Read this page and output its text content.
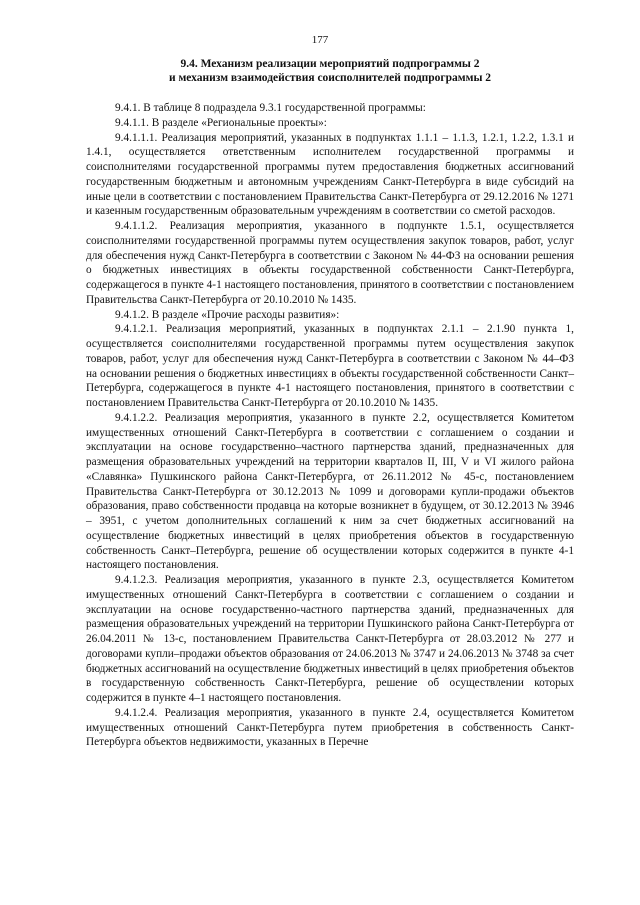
177
9.4. Механизм реализации мероприятий подпрограммы 2
и механизм взаимодействия соисполнителей подпрограммы 2

9.4.1. В таблице 8 подраздела 9.3.1 государственной программы:

9.4.1.1. В разделе «Региональные проекты»:

9.4.1.1.1. Реализация мероприятий, указанных в подпунктах 1.1.1 – 1.1.3, 1.2.1, 1.2.2, 1.3.1 и 1.4.1, осуществляется ответственным исполнителем государственной программы и соисполнителями государственной программы путем предоставления бюджетных ассигнований государственным бюджетным и автономным учреждениям Санкт-Петербурга в виде субсидий на иные цели в соответствии с постановлением Правительства Санкт-Петербурга от 29.12.2016 № 1271 и казенным государственным образовательным учреждениям в соответствии со сметой расходов.

9.4.1.1.2. Реализация мероприятия, указанного в подпункте 1.5.1, осуществляется соисполнителями государственной программы путем осуществления закупок товаров, работ, услуг для обеспечения нужд Санкт-Петербурга в соответствии с Законом № 44-ФЗ на основании решения о бюджетных инвестициях в объекты государственной собственности Санкт-Петербурга, содержащегося в пункте 4-1 настоящего постановления, принятого в соответствии с постановлением Правительства Санкт-Петербурга от 20.10.2010 № 1435.

9.4.1.2. В разделе «Прочие расходы развития»:

9.4.1.2.1. Реализация мероприятий, указанных в подпунктах 2.1.1 – 2.1.90 пункта 1, осуществляется соисполнителями государственной программы путем осуществления закупок товаров, работ, услуг для обеспечения нужд Санкт-Петербурга в соответствии с Законом № 44–ФЗ на основании решения о бюджетных инвестициях в объекты государственной собственности Санкт–Петербурга, содержащегося в пункте 4-1 настоящего постановления, принятого в соответствии с постановлением Правительства Санкт-Петербурга от 20.10.2010 № 1435.

9.4.1.2.2. Реализация мероприятия, указанного в пункте 2.2, осуществляется Комитетом имущественных отношений Санкт-Петербурга в соответствии с соглашением о создании и эксплуатации на основе государственно–частного партнерства зданий, предназначенных для размещения образовательных учреждений на территории кварталов II, III, V и VI жилого района «Славянка» Пушкинского района Санкт-Петербурга, от 26.11.2012 № 45-с, постановлением Правительства Санкт-Петербурга от 30.12.2013 № 1099 и договорами купли-продажи объектов образования, право собственности продавца на которые возникнет в будущем, от 30.12.2013 № 3946 – 3951, с учетом дополнительных соглашений к ним за счет бюджетных ассигнований на осуществление бюджетных инвестиций в целях приобретения объектов в государственную собственность Санкт–Петербурга, решение об осуществлении которых содержится в пункте 4-1 настоящего постановления.

9.4.1.2.3. Реализация мероприятия, указанного в пункте 2.3, осуществляется Комитетом имущественных отношений Санкт-Петербурга в соответствии с соглашением о создании и эксплуатации на основе государственно-частного партнерства зданий, предназначенных для размещения образовательных учреждений на территории Пушкинского района Санкт-Петербурга от 26.04.2011 № 13-с, постановлением Правительства Санкт-Петербурга от 28.03.2012 № 277 и договорами купли–продажи объектов образования от 24.06.2013 № 3747 и 24.06.2013 № 3748 за счет бюджетных ассигнований на осуществление бюджетных инвестиций в целях приобретения объектов в государственную собственность Санкт-Петербурга, решение об осуществлении которых содержится в пункте 4–1 настоящего постановления.

9.4.1.2.4. Реализация мероприятия, указанного в пункте 2.4, осуществляется Комитетом имущественных отношений Санкт-Петербурга путем приобретения в собственность Санкт-Петербурга объектов недвижимости, указанных в Перечне
